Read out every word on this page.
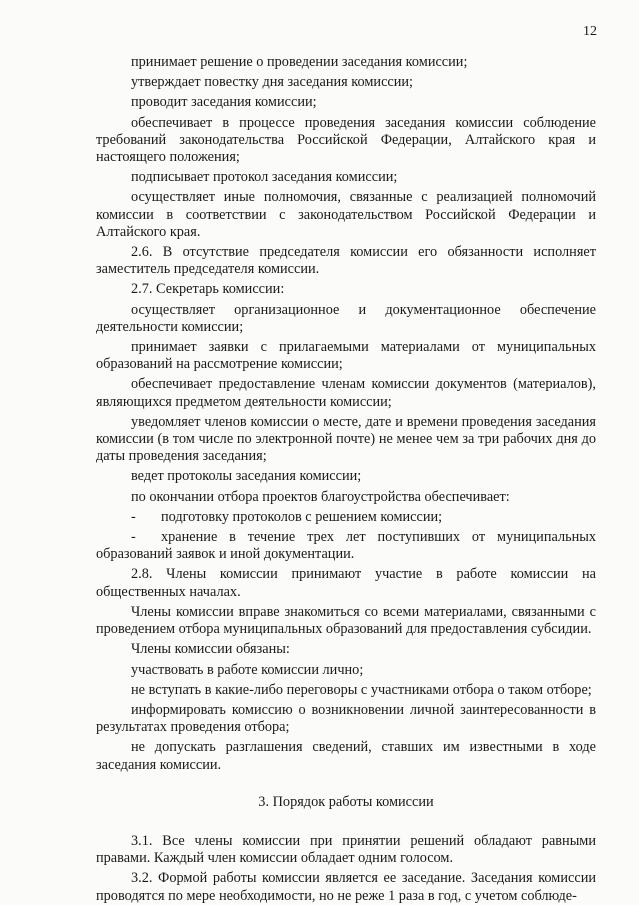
12

принимает решение о проведении заседания комиссии;

утверждает повестку дня заседания комиссии;

проводит заседания комиссии;

обеспечивает в процессе проведения заседания комиссии соблюдение требований законодательства Российской Федерации, Алтайского края и настоящего положения;

подписывает протокол заседания комиссии;

осуществляет иные полномочия, связанные с реализацией полномочий комиссии в соответствии с законодательством Российской Федерации и Алтайского края.

2.6. В отсутствие председателя комиссии его обязанности исполняет заместитель председателя комиссии.

2.7. Секретарь комиссии:

осуществляет организационное и документационное обеспечение деятельности комиссии;

принимает заявки с прилагаемыми материалами от муниципальных образований на рассмотрение комиссии;

обеспечивает предоставление членам комиссии документов (материалов), являющихся предметом деятельности комиссии;

уведомляет членов комиссии о месте, дате и времени проведения заседания комиссии (в том числе по электронной почте) не менее чем за три рабочих дня до даты проведения заседания;

ведет протоколы заседания комиссии;

по окончании отбора проектов благоустройства обеспечивает:

- подготовку протоколов с решением комиссии;

- хранение в течение трех лет поступивших от муниципальных образований заявок и иной документации.

2.8. Члены комиссии принимают участие в работе комиссии на общественных началах.

Члены комиссии вправе знакомиться со всеми материалами, связанными с проведением отбора муниципальных образований для предоставления субсидии.

Члены комиссии обязаны:

участвовать в работе комиссии лично;

не вступать в какие-либо переговоры с участниками отбора о таком отборе;

информировать комиссию о возникновении личной заинтересованности в результатах проведения отбора;

не допускать разглашения сведений, ставших им известными в ходе заседания комиссии.

3. Порядок работы комиссии

3.1. Все члены комиссии при принятии решений обладают равными правами. Каждый член комиссии обладает одним голосом.

3.2. Формой работы комиссии является ее заседание. Заседания комиссии проводятся по мере необходимости, но не реже 1 раза в год, с учетом соблюде-
